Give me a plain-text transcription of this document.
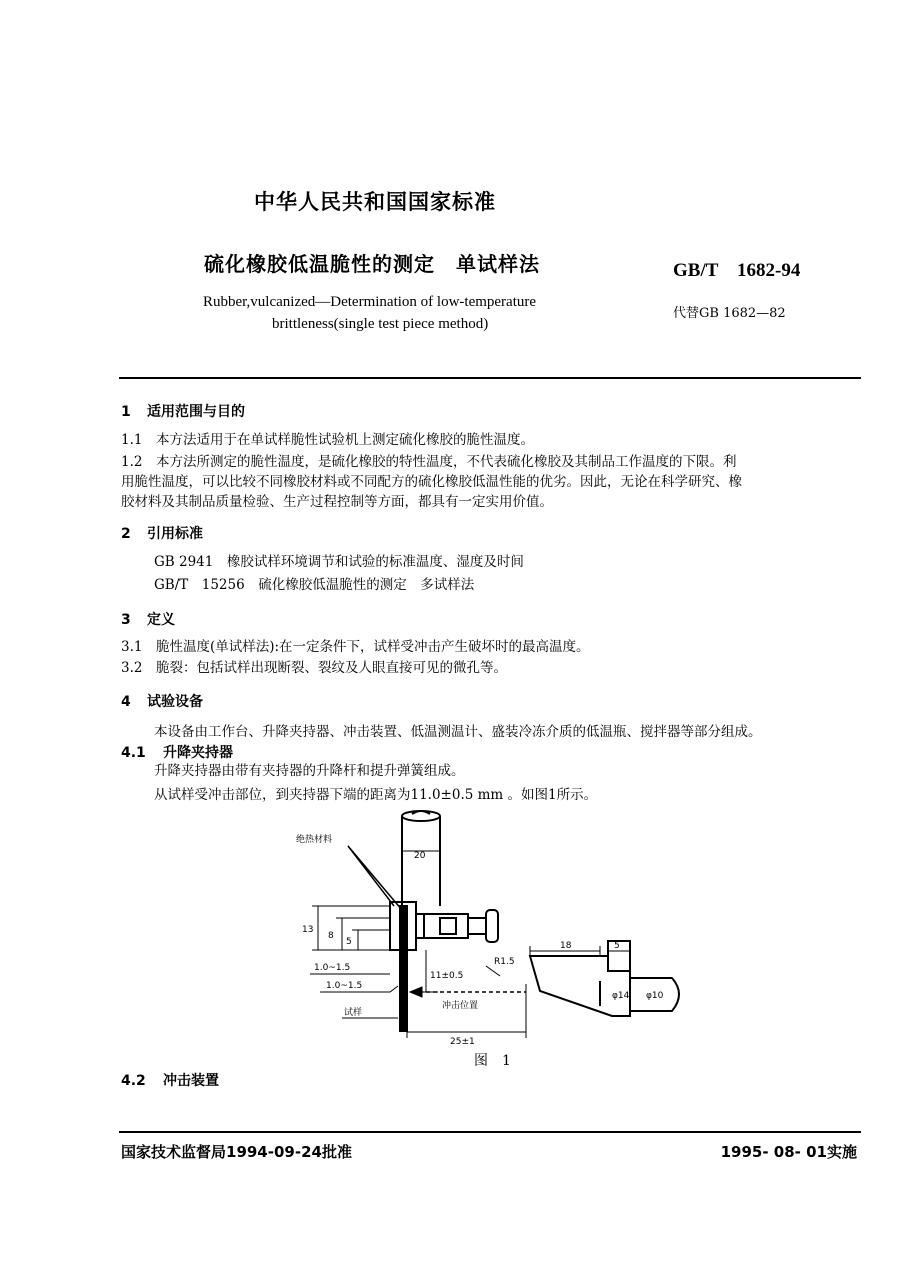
中华人民共和国国家标准
硫化橡胶低温脆性的测定　单试样法	GB/T　1682-94
Rubber,vulcanized—Determination of low-temperature
brittleness(single test piece method)
代替GB 1682—82
1 适用范围与目的
1.1　本方法适用于在单试样脆性试验机上测定硫化橡胶的脆性温度。
1.2　本方法所测定的脆性温度，是硫化橡胶的特性温度，不代表硫化橡胶及其制品工作温度的下限。利
用脆性温度，可以比较不同橡胶材料或不同配方的硫化橡胶低温性能的优劣。因此，无论在科学研究、橡
胶材料及其制品质量检验、生产过程控制等方面，都具有一定实用价值。
2 引用标准
GB 2941　橡胶试样环境调节和试验的标准温度、湿度及时间
GB/T　15256　硫化橡胶低温脆性的测定　多试样法
3 定义
3.1　脆性温度(单试样法):在一定条件下，试样受冲击产生破坏时的最高温度。
3.2　脆裂：包括试样出现断裂、裂纹及人眼直接可见的微孔等。
4 试验设备
本设备由工作台、升降夹持器、冲击装置、低温测温计、盛装冷冻介质的低温瓶、搅拌器等部分组成。
4.1 升降夹持器
升降夹持器由带有夹持器的升降杆和提升弹簧组成。
从试样受冲击部位，到夹持器下端的距离为11.0±0.5 mm 。如图1所示。
绝热材料
20
13
8
5
1.0~1.5
1.0~1.5
试样
11±0.5
冲击位置
R1.5
18	5
φ14 φ10
25±1
图　1
4.2 冲击装置
国家技术监督局1994-09-24批准	1995- 08- 01实施
